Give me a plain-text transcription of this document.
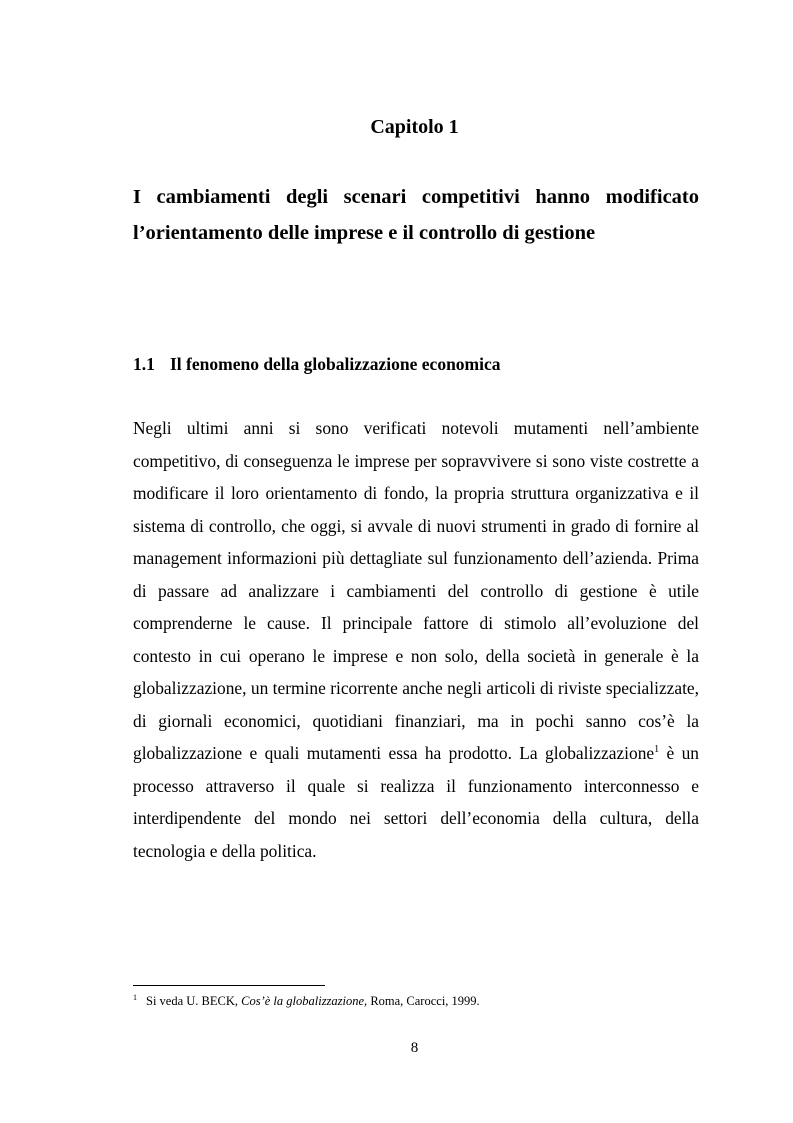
Capitolo 1
I cambiamenti degli scenari competitivi hanno modificato l’orientamento delle imprese e il controllo di gestione
1.1 Il fenomeno della globalizzazione economica

Negli ultimi anni si sono verificati notevoli mutamenti nell’ambiente competitivo, di conseguenza le imprese per sopravvivere si sono viste costrette a modificare il loro orientamento di fondo, la propria struttura organizzativa e il sistema di controllo, che oggi, si avvale di nuovi strumenti in grado di fornire al management informazioni più dettagliate sul funzionamento dell’azienda. Prima di passare ad analizzare i cambiamenti del controllo di gestione è utile comprenderne le cause. Il principale fattore di stimolo all’evoluzione del contesto in cui operano le imprese e non solo, della società in generale è la globalizzazione, un termine ricorrente anche negli articoli di riviste specializzate, di giornali economici, quotidiani finanziari, ma in pochi sanno cos’è la globalizzazione e quali mutamenti essa ha prodotto. La globalizzazione$^1$ è un processo attraverso il quale si realizza il funzionamento interconnesso e interdipendente del mondo nei settori dell’economia della cultura, della tecnologia e della politica.

$^1$ Si veda U. BECK, Cos’è la globalizzazione, Roma, Carocci, 1999.
8
